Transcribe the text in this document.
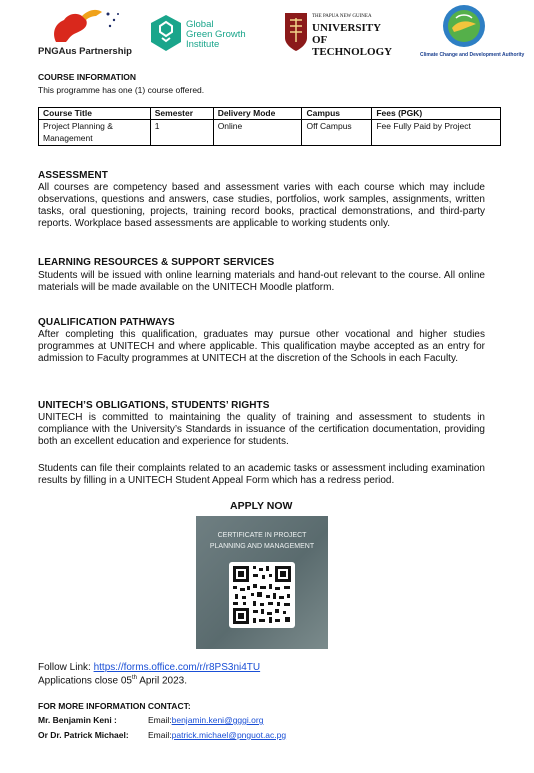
PNGAus Partnership
Global
Green Growth
Institute
THE PAPUA NEW GUINEA
UNIVERSITY OF
TECHNOLOGY	Climate Change and Development Authority
COURSE INFORMATION
This programme has one (1) course offered.
Course Title	Semester	Delivery Mode	Campus	Fees (PGK)
Project Planning & Management	1	Online	Off Campus	Fee Fully Paid by Project
ASSESSMENT
All courses are competency based and assessment varies with each course which may include observations, questions and answers, case studies, portfolios, work samples, assignments, written tasks, oral questioning, projects, training record books, practical demonstrations, and third-party reports. Workplace based assessments are applicable to working students only.
LEARNING RESOURCES & SUPPORT SERVICES
Students will be issued with online learning materials and hand-out relevant to the course. All online materials will be made available on the UNITECH Moodle platform.
QUALIFICATION PATHWAYS
After completing this qualification, graduates may pursue other vocational and higher studies programmes at UNITECH and where applicable. This qualification maybe accepted as an entry for admission to Faculty programmes at UNITECH at the discretion of the Schools in each Faculty.
UNITECH’S OBLIGATIONS, STUDENTS’ RIGHTS
UNITECH is committed to maintaining the quality of training and assessment to students in compliance with the University’s Standards in issuance of the certification documentation, providing both an excellent education and experience for students.
Students can file their complaints related to an academic tasks or assessment including examination results by filling in a UNITECH Student Appeal Form which has a redress period.
APPLY NOW
CERTIFICATE IN PROJECT
PLANNING AND MANAGEMENT
Follow Link: https://forms.office.com/r/r8PS3ni4TU
Applications close 05th April 2023.
FOR MORE INFORMATION CONTACT:
Mr. Benjamin Keni :	Email:benjamin.keni@gggi.org
Or Dr. Patrick Michael: Email:patrick.michael@pnguot.ac.pg
